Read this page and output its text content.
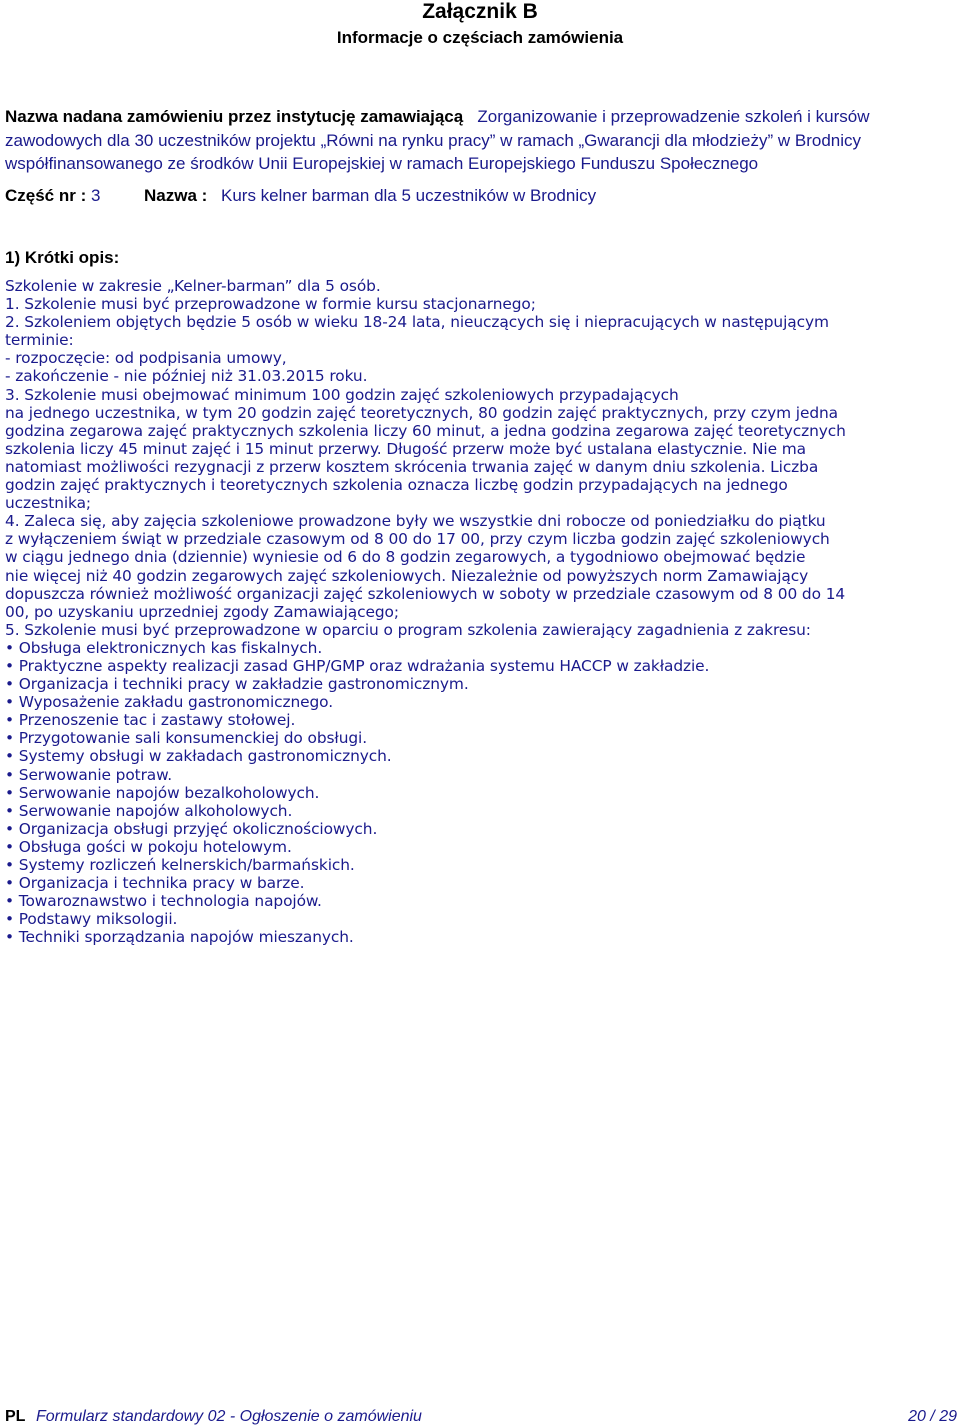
Załącznik B
Informacje o częściach zamówienia
Nazwa nadana zamówieniu przez instytucję zamawiającą Zorganizowanie i przeprowadzenie szkoleń i kursów zawodowych dla 30 uczestników projektu „Równi na rynku pracy” w ramach „Gwarancji dla młodzieży” w Brodnicy współfinansowanego ze środków Unii Europejskiej w ramach Europejskiego Funduszu Społecznego
Część nr : 3	Nazwa : Kurs kelner barman dla 5 uczestników w Brodnicy
1) Krótki opis:
Szkolenie w zakresie „Kelner-barman” dla 5 osób.
1. Szkolenie musi być przeprowadzone w formie kursu stacjonarnego;
2. Szkoleniem objętych będzie 5 osób w wieku 18-24 lata, nieuczących się i niepracujących w następującym
terminie:
- rozpoczęcie: od podpisania umowy,
- zakończenie - nie później niż 31.03.2015 roku.
3. Szkolenie musi obejmować minimum 100 godzin zajęć szkoleniowych przypadających
na jednego uczestnika, w tym 20 godzin zajęć teoretycznych, 80 godzin zajęć praktycznych, przy czym jedna
godzina zegarowa zajęć praktycznych szkolenia liczy 60 minut, a jedna godzina zegarowa zajęć teoretycznych
szkolenia liczy 45 minut zajęć i 15 minut przerwy. Długość przerw może być ustalana elastycznie. Nie ma
natomiast możliwości rezygnacji z przerw kosztem skrócenia trwania zajęć w danym dniu szkolenia. Liczba
godzin zajęć praktycznych i teoretycznych szkolenia oznacza liczbę godzin przypadających na jednego
uczestnika;
4. Zaleca się, aby zajęcia szkoleniowe prowadzone były we wszystkie dni robocze od poniedziałku do piątku
z wyłączeniem świąt w przedziale czasowym od 8 00 do 17 00, przy czym liczba godzin zajęć szkoleniowych
w ciągu jednego dnia (dziennie) wyniesie od 6 do 8 godzin zegarowych, a tygodniowo obejmować będzie
nie więcej niż 40 godzin zegarowych zajęć szkoleniowych. Niezależnie od powyższych norm Zamawiający
dopuszcza również możliwość organizacji zajęć szkoleniowych w soboty w przedziale czasowym od 8 00 do 14
00, po uzyskaniu uprzedniej zgody Zamawiającego;
5. Szkolenie musi być przeprowadzone w oparciu o program szkolenia zawierający zagadnienia z zakresu:
• Obsługa elektronicznych kas fiskalnych.
• Praktyczne aspekty realizacji zasad GHP/GMP oraz wdrażania systemu HACCP w zakładzie.
• Organizacja i techniki pracy w zakładzie gastronomicznym.
• Wyposażenie zakładu gastronomicznego.
• Przenoszenie tac i zastawy stołowej.
• Przygotowanie sali konsumenckiej do obsługi.
• Systemy obsługi w zakładach gastronomicznych.
• Serwowanie potraw.
• Serwowanie napojów bezalkoholowych.
• Serwowanie napojów alkoholowych.
• Organizacja obsługi przyjęć okolicznościowych.
• Obsługa gości w pokoju hotelowym.
• Systemy rozliczeń kelnerskich/barmańskich.
• Organizacja i technika pracy w barze.
• Towaroznawstwo i technologia napojów.
• Podstawy miksologii.
• Techniki sporządzania napojów mieszanych.
PL Formularz standardowy 02 - Ogłoszenie o zamówieniu	20 / 29
